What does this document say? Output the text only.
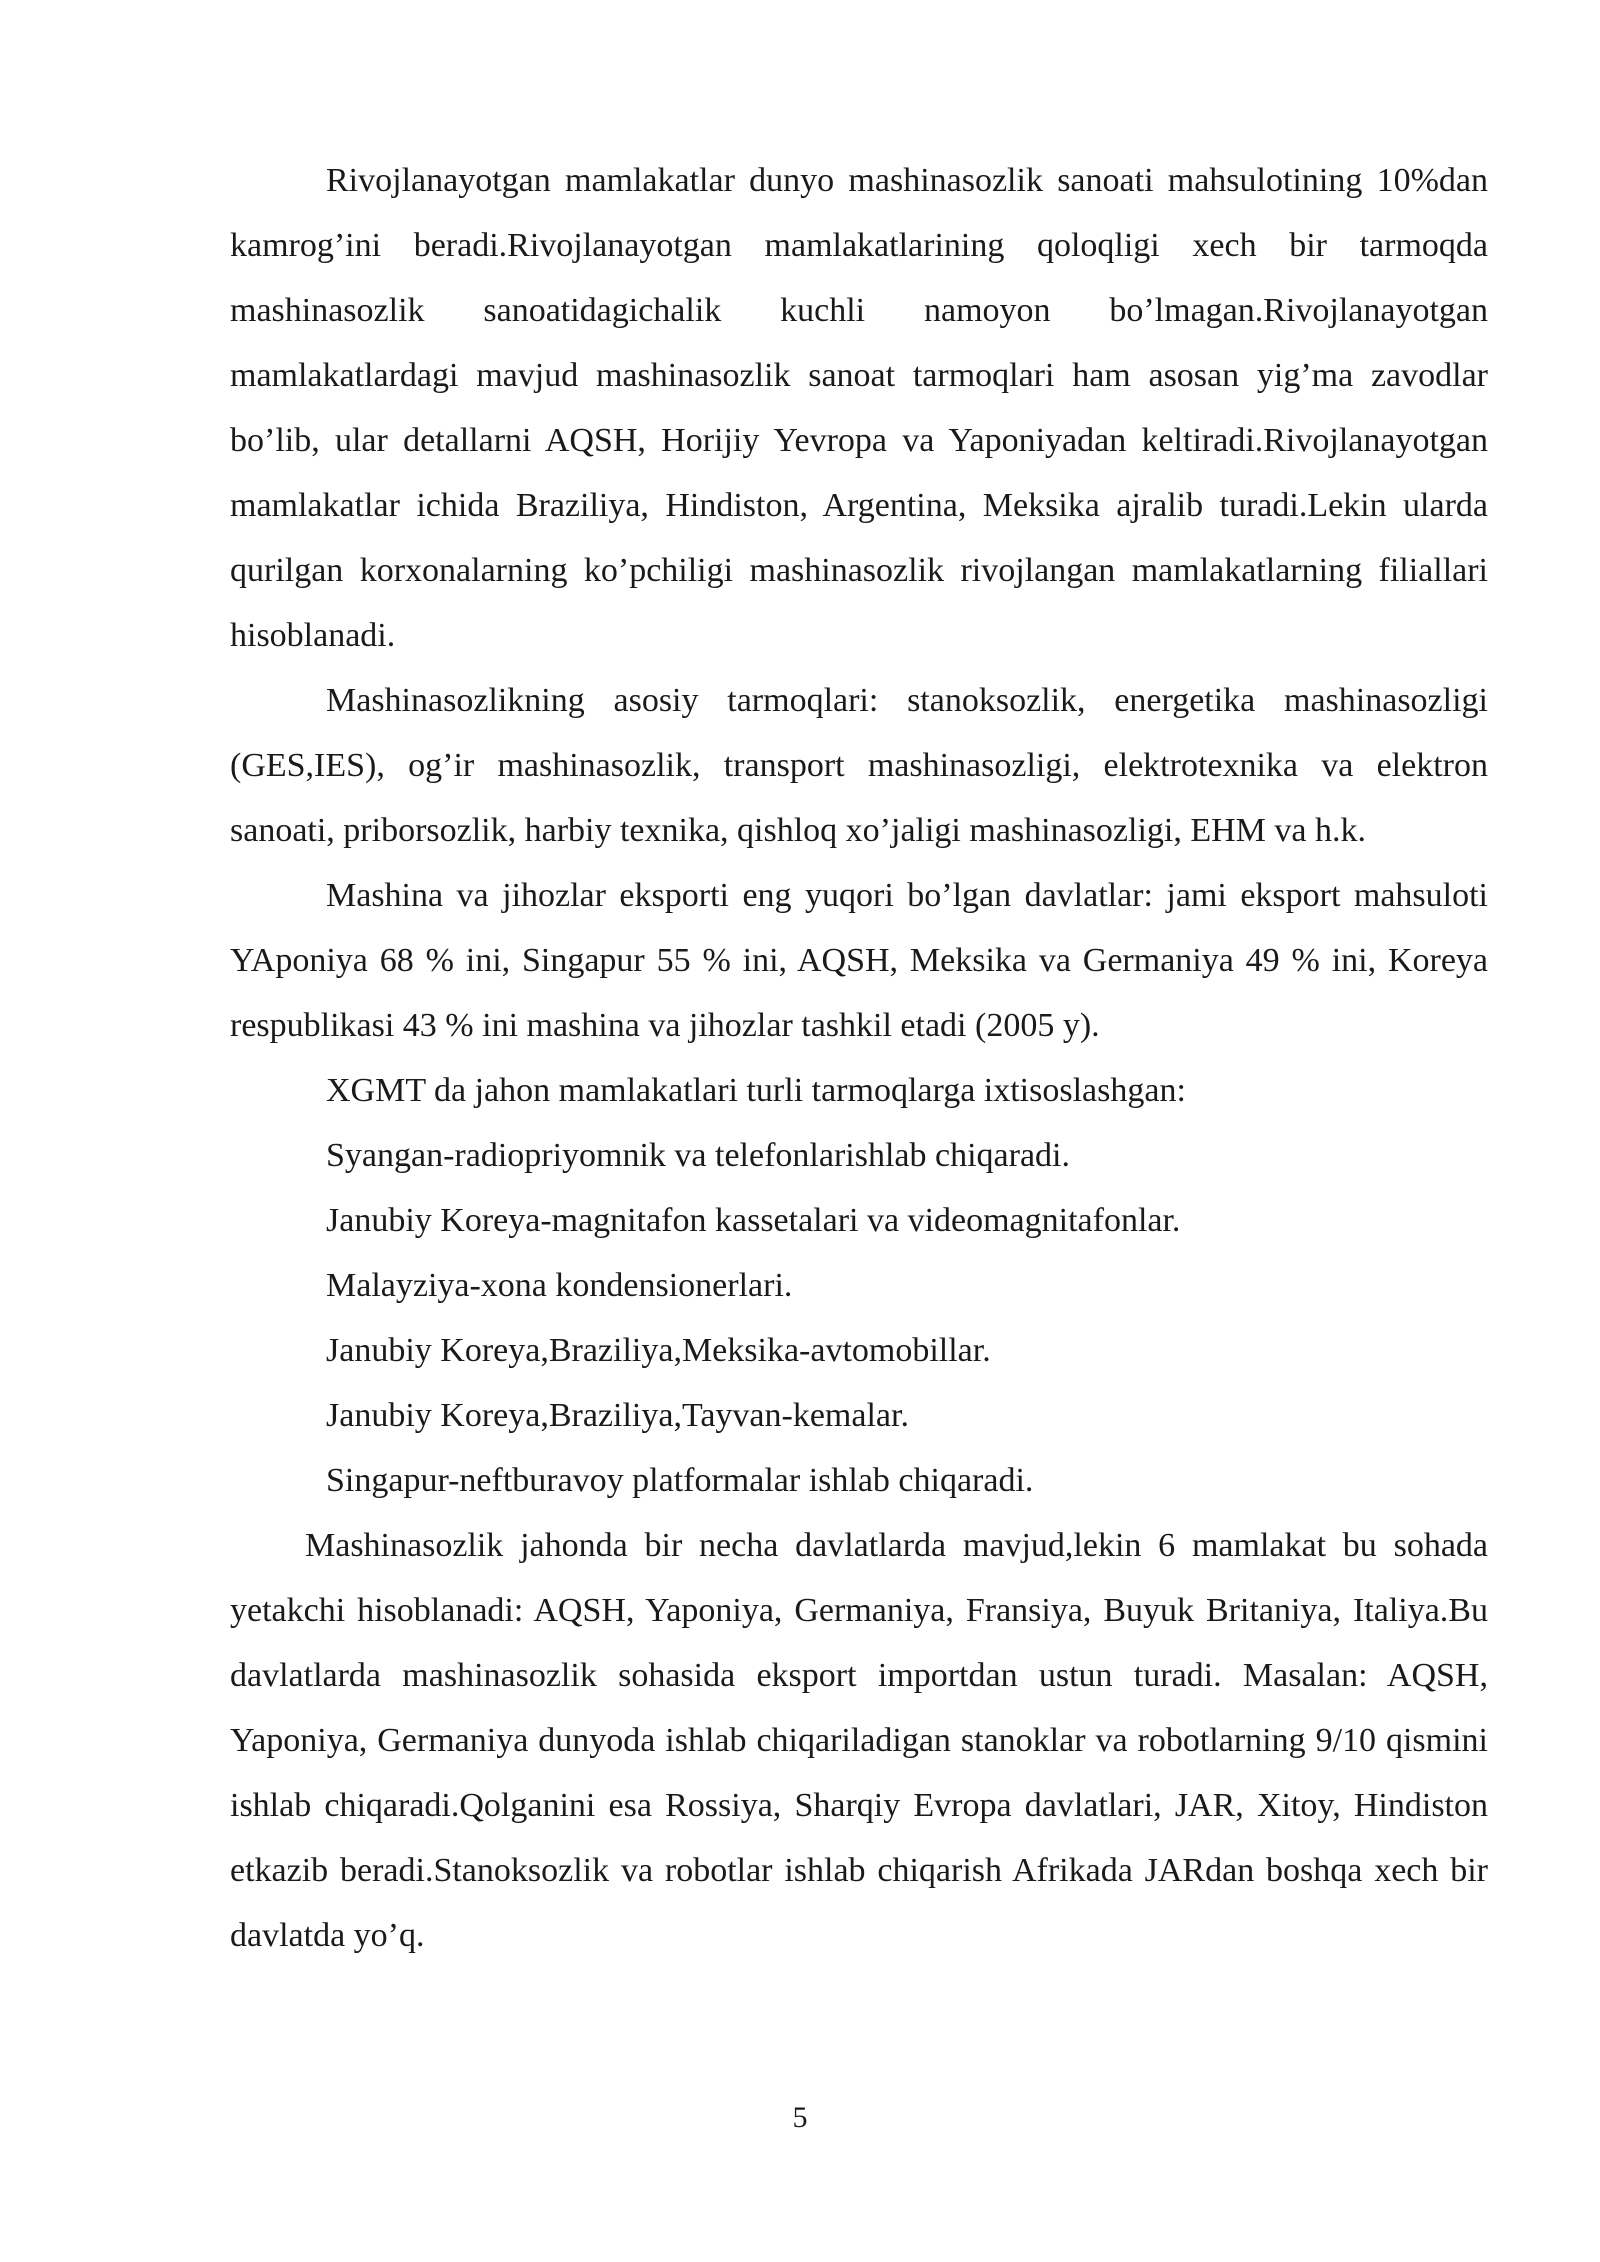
Rivojlanayotgan mamlakatlar dunyo mashinasozlik sanoati mahsulotining 10%dan kamrog’ini beradi.Rivojlanayotgan mamlakatlarining qoloqligi xech bir tarmoqda mashinasozlik sanoatidagichalik kuchli namoyon bo’lmagan.Rivojlanayotgan mamlakatlardagi mavjud mashinasozlik sanoat tarmoqlari ham asosan yig’ma zavodlar bo’lib, ular detallarni AQSH, Horijiy Yevropa va Yaponiyadan keltiradi.Rivojlanayotgan mamlakatlar ichida Braziliya, Hindiston, Argentina, Meksika ajralib turadi.Lekin ularda qurilgan korxonalarning ko’pchiligi mashinasozlik rivojlangan mamlakatlarning filiallari hisoblanadi.

Mashinasozlikning asosiy tarmoqlari: stanoksozlik, energetika mashinasozligi (GES,IES), og’ir mashinasozlik, transport mashinasozligi, elektrotexnika va elektron sanoati, priborsozlik, harbiy texnika, qishloq xo’jaligi mashinasozligi, EHM va h.k.

Mashina va jihozlar eksporti eng yuqori bo’lgan davlatlar: jami eksport mahsuloti YAponiya 68 % ini, Singapur 55 % ini, AQSH, Meksika va Germaniya 49 % ini, Koreya respublikasi 43 % ini mashina va jihozlar tashkil etadi (2005 y).

XGMT da jahon mamlakatlari turli tarmoqlarga ixtisoslashgan:

Syangan-radiopriyomnik va telefonlarishlab chiqaradi.

Janubiy Koreya-magnitafon kassetalari va videomagnitafonlar.

Malayziya-xona kondensionerlari.

Janubiy Koreya,Braziliya,Meksika-avtomobillar.

Janubiy Koreya,Braziliya,Tayvan-kemalar.

Singapur-neftburavoy platformalar ishlab chiqaradi.

Mashinasozlik jahonda bir necha davlatlarda mavjud,lekin 6 mamlakat bu sohada yetakchi hisoblanadi: AQSH, Yaponiya, Germaniya, Fransiya, Buyuk Britaniya, Italiya.Bu davlatlarda mashinasozlik sohasida eksport importdan ustun turadi. Masalan: AQSH, Yaponiya, Germaniya dunyoda ishlab chiqariladigan stanoklar va robotlarning 9/10 qismini ishlab chiqaradi.Qolganini esa Rossiya, Sharqiy Evropa davlatlari, JAR, Xitoy, Hindiston etkazib beradi.Stanoksozlik va robotlar ishlab chiqarish Afrikada JARdan boshqa xech bir davlatda yo’q.

5
